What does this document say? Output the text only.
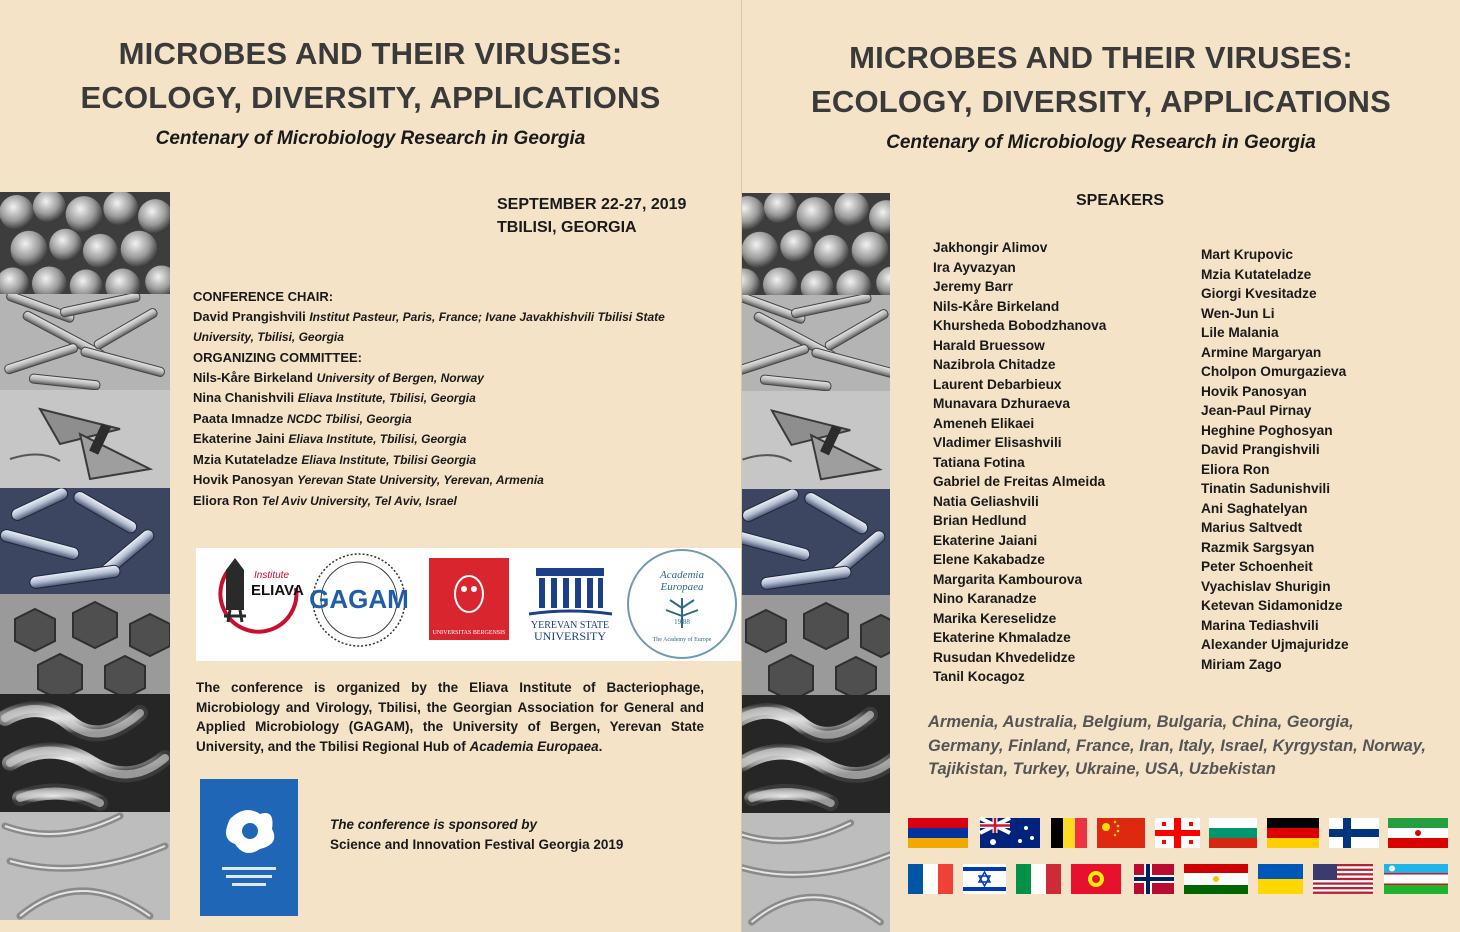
MICROBES AND THEIR VIRUSES:
ECOLOGY, DIVERSITY, APPLICATIONS
Centenary of Microbiology Research in Georgia
SEPTEMBER 22-27, 2019
TBILISI, GEORGIA
CONFERENCE CHAIR:
David Prangishvili Institut Pasteur, Paris, France; Ivane Javakhishvili Tbilisi State University, Tbilisi, Georgia
ORGANIZING COMMITTEE:
Nils-Kåre Birkeland University of Bergen, Norway
Nina Chanishvili Eliava Institute, Tbilisi, Georgia
Paata Imnadze NCDC Tbilisi, Georgia
Ekaterine Jaini Eliava Institute, Tbilisi, Georgia
Mzia Kutateladze Eliava Institute, Tbilisi Georgia
Hovik Panosyan Yerevan State University, Yerevan, Armenia
Eliora Ron Tel Aviv University, Tel Aviv, Israel
Institute
ELIAVA GAGAM
UNIVERSITAS BERGENSIS
YEREVAN STATE
UNIVERSITY
Academia
Europaea
19 88
The Academy of Europe
The conference is organized by the Eliava Institute of Bacteriophage, Microbiology and Virology, Tbilisi, the Georgian Association for General and Applied Microbiology (GAGAM), the University of Bergen, Yerevan State University, and the Tbilisi Regional Hub of Academia Europaea.
The conference is sponsored by
Science and Innovation Festival Georgia 2019
MICROBES AND THEIR VIRUSES:
ECOLOGY, DIVERSITY, APPLICATIONS
Centenary of Microbiology Research in Georgia
SPEAKERS
Jakhongir Alimov
Ira Ayvazyan
Jeremy Barr
Nils-Kåre Birkeland
Khursheda Bobodzhanova
Harald Bruessow
Nazibrola Chitadze
Laurent Debarbieux
Munavara Dzhuraeva
Ameneh Elikaei
Vladimer Elisashvili
Tatiana Fotina
Gabriel de Freitas Almeida
Natia Geliashvili
Brian Hedlund
Ekaterine Jaiani
Elene Kakabadze
Margarita Kambourova
Nino Karanadze
Marika Kereselidze
Ekaterine Khmaladze
Rusudan Khvedelidze
Tanil Kocagoz
Mart Krupovic
Mzia Kutateladze
Giorgi Kvesitadze
Wen-Jun Li
Lile Malania
Armine Margaryan
Cholpon Omurgazieva
Hovik Panosyan
Jean-Paul Pirnay
Heghine Poghosyan
David Prangishvili
Eliora Ron
Tinatin Sadunishvili
Ani Saghatelyan
Marius Saltvedt
Razmik Sargsyan
Peter Schoenheit
Vyachislav Shurigin
Ketevan Sidamonidze
Marina Tediashvili
Alexander Ujmajuridze
Miriam Zago
Armenia, Australia, Belgium, Bulgaria, China, Georgia, Germany, Finland, France, Iran, Italy, Israel, Kyrgystan, Norway, Tajikistan, Turkey, Ukraine, USA, Uzbekistan
